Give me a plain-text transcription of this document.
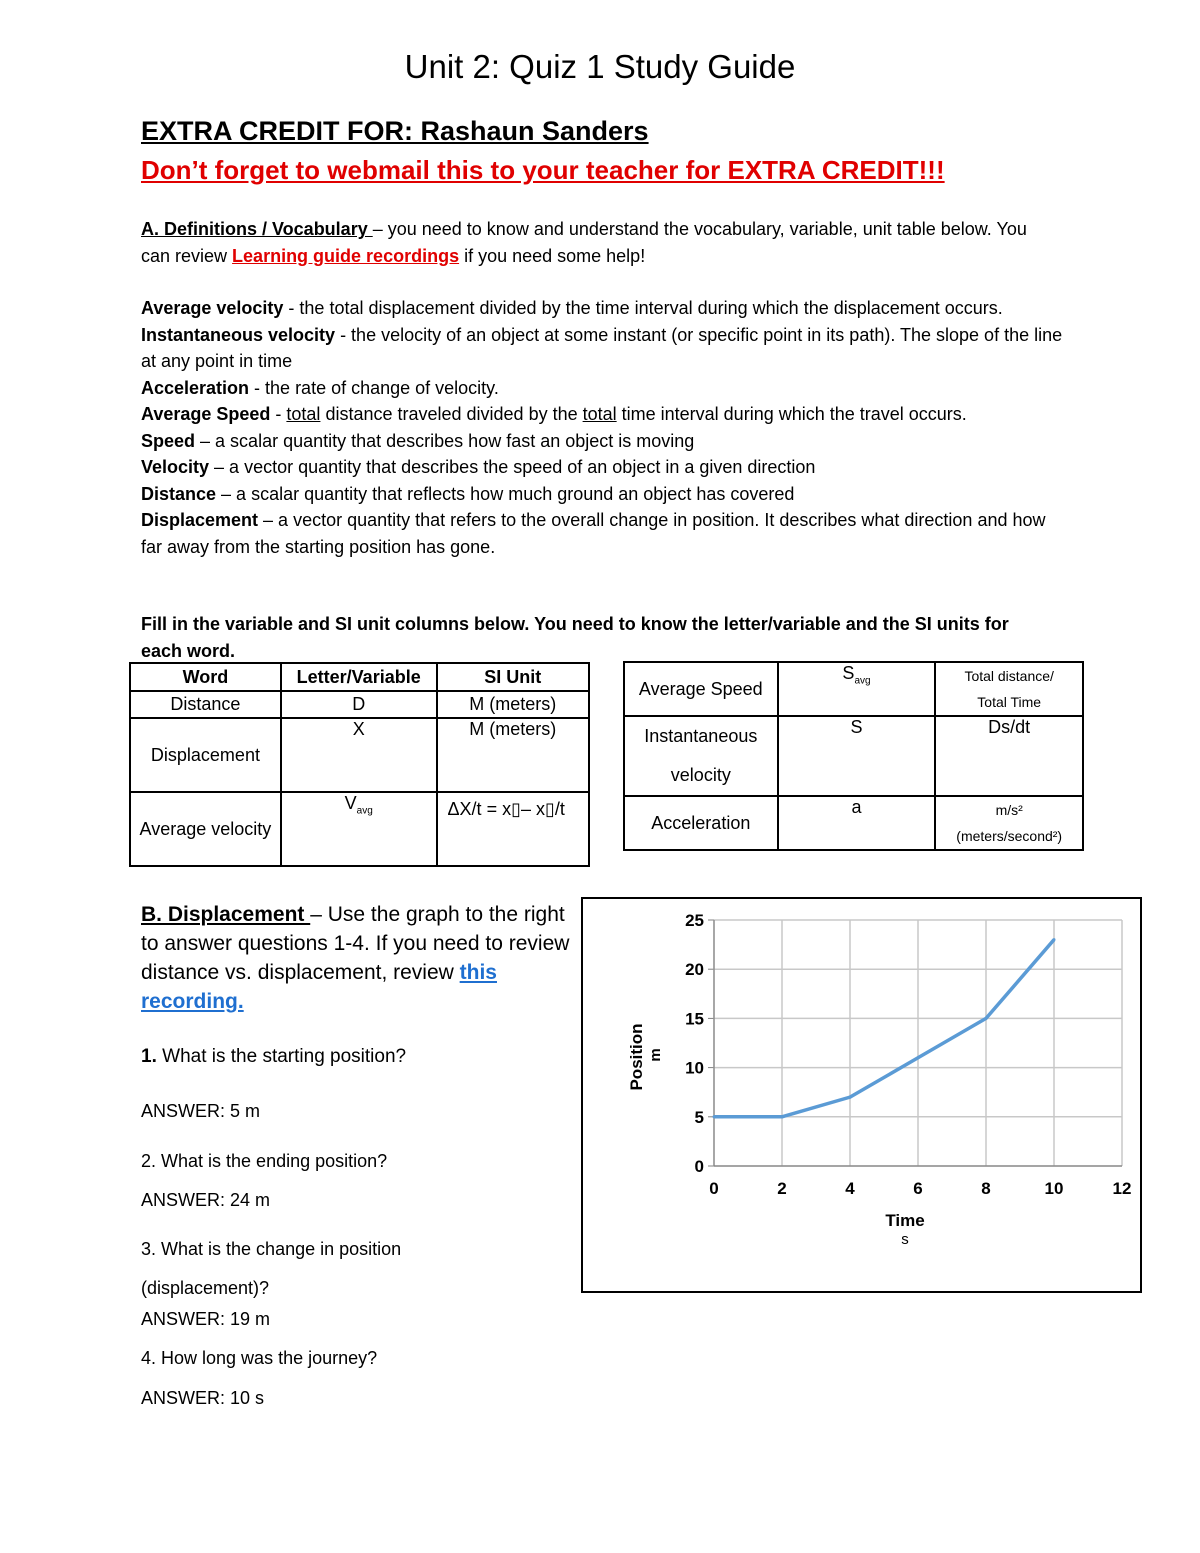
Unit 2: Quiz 1 Study Guide
EXTRA CREDIT FOR: Rashaun Sanders
Don’t forget to webmail this to your teacher for EXTRA CREDIT!!!
A. Definitions / Vocabulary – you need to know and understand the vocabulary, variable, unit table below. You can review Learning guide recordings if you need some help!

Average velocity - the total displacement divided by the time interval during which the displacement occurs.

Instantaneous velocity - the velocity of an object at some instant (or specific point in its path). The slope of the line at any point in time

Acceleration - the rate of change of velocity.

Average Speed - total distance traveled divided by the total time interval during which the travel occurs.

Speed – a scalar quantity that describes how fast an object is moving

Velocity – a vector quantity that describes the speed of an object in a given direction

Distance – a scalar quantity that reflects how much ground an object has covered

Displacement – a vector quantity that refers to the overall change in position. It describes what direction and how far away from the starting position has gone.

Fill in the variable and SI unit columns below. You need to know the letter/variable and the SI units for each word.
Word	Letter/Variable	SI Unit
Distance	D	M (meters)
Displacement	X	M (meters)
Average velocity	$V_{avg}$	ΔX/t = x▯– x▯/t
Average Speed	$S_{avg}$	Total distance/
Total Time
Instantaneous velocity	S	Ds/dt
Acceleration	a	m/s²
(meters/second²)
B. Displacement – Use the graph to the right to answer questions 1-4. If you need to review distance vs. displacement, review this recording.
1. What is the starting position?
ANSWER: 5 m
2. What is the ending position?
ANSWER: 24 m
3. What is the change in position (displacement)?
ANSWER: 19 m
4. How long was the journey?
ANSWER: 10 s
0
5
10
15
20
25
0	2	4	6	8	10	12
Time
s
Position m
